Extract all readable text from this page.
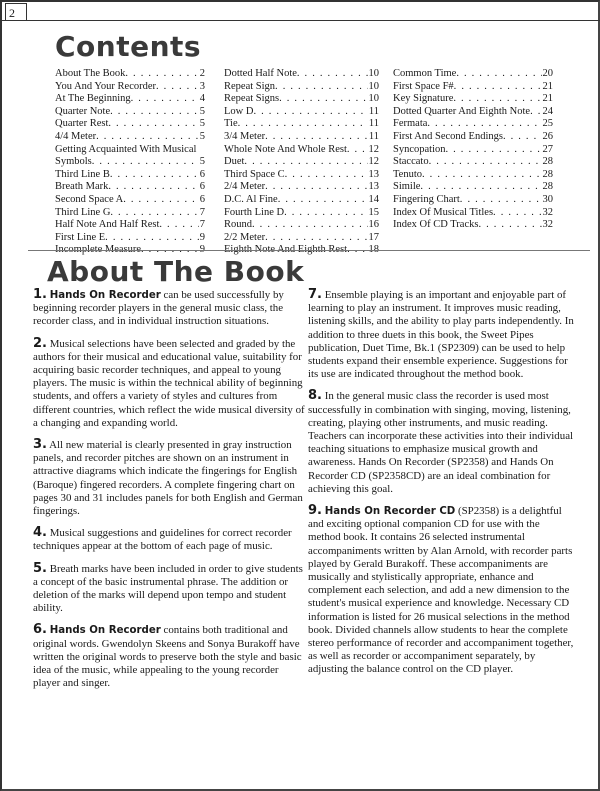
2
Contents
About The Book . . .	2
You And Your Recorder . . .	3
At The Beginning . . .	4
Quarter Note . . .	5
Quarter Rest . . .	5
4/4 Meter . . .	5
Getting Acquainted With Musical
Symbols . . .	5
Third Line B . . .	6
Breath Mark . . .	6
Second Space A . . .	6
Third Line G . . .	7
Half Note And Half Rest . . .	7
First Line E . . .	9
Incomplete Measure . . .	9
Dotted Half Note . . .	10
Repeat Sign . . .	10
Repeat Signs . . .	10
Low D . . .	11
Tie . . .	11
3/4 Meter . . .	11
Whole Note And Whole Rest . . . 12
Duet . . .	12
Third Space C . . .	13
2/4 Meter . . .	13
D.C. Al Fine . . .	14
Fourth Line D . . .	15
Round . . .	16
2/2 Meter . . .	17
Eighth Note And Eighth Rest . . . 18
Common Time . . .	20
First Space F# . . .	21
Key Signature . . .	21
Dotted Quarter And Eighth Note . . . 24
Fermata . . .	25
First And Second Endings . . .	26
Syncopation . . .	27
Staccato . . .	28
Tenuto . . .	28
Simile . . .	28
Fingering Chart . . .	30
Index Of Musical Titles . . .	32
Index Of CD Tracks . . .	32
About The Book

1. Hands On Recorder can be used successfully by beginning recorder players in the general music class, the recorder class, and in individual instruction situations.

2. Musical selections have been selected and graded by the authors for their musical and educational value, suitability for acquiring basic recorder techniques, and appeal to young players. The music is within the technical ability of beginning students, and offers a variety of styles and cultures from different countries, which reflect the wide musical diversity of a changing and expanding world.

3. All new material is clearly presented in gray instruction panels, and recorder pitches are shown on an instrument in attractive diagrams which indicate the fingerings for English (Baroque) fingered recorders. A complete fingering chart on pages 30 and 31 includes panels for both English and German fingerings.

4. Musical suggestions and guidelines for correct recorder techniques appear at the bottom of each page of music.

5. Breath marks have been included in order to give students a concept of the basic instrumental phrase. The addition or deletion of the marks will depend upon tempo and student ability.

6. Hands On Recorder contains both traditional and original words. Gwendolyn Skeens and Sonya Burakoff have written the original words to preserve both the style and basic idea of the music, while appealing to the young recorder player and singer.

7. Ensemble playing is an important and enjoyable part of learning to play an instrument. It improves music reading, listening skills, and the ability to play parts independently. In addition to three duets in this book, the Sweet Pipes publication, Duet Time, Bk.1 (SP2309) can be used to help students expand their ensemble experience. Suggestions for its use are indicated throughout the method book.

8. In the general music class the recorder is used most successfully in combination with singing, moving, listening, creating, playing other instruments, and music reading. Teachers can incorporate these activities into their individual teaching situations to emphasize musical growth and awareness. Hands On Recorder (SP2358) and Hands On Recorder CD (SP2358CD) are an ideal combination for achieving this goal.

9. Hands On Recorder CD (SP2358) is a delightful and exciting optional companion CD for use with the method book. It contains 26 selected instrumental accompaniments written by Alan Arnold, with recorder parts played by Gerald Burakoff. These accompaniments are musically and stylistically appropriate, enhance and complement each selection, and add a new dimension to the student's musical experience and knowledge. Necessary CD information is listed for 26 musical selections in the method book. Divided channels allow students to hear the complete stereo performance of recorder and accompaniment together, as well as recorder or accompaniment separately, by adjusting the balance control on the CD player.
